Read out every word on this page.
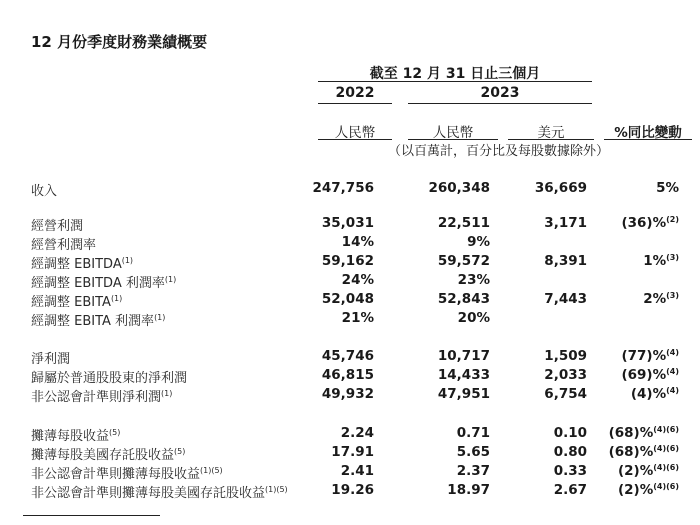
12 月份季度財務業績概要
截至 12 月 31 日止三個月
2022	2023
人民幣	人民幣	美元	%同比變動
（以百萬計，百分比及每股數據除外）
收入	247,756	260,348	36,669	5%
經營利潤	35,031	22,511	3,171	(36)%$^{(2)}$
經營利潤率	14%	9%
經調整 EBITDA$^{(1)}$	59,162	59,572	8,391	1%$^{(3)}$
經調整 EBITDA 利潤率$^{(1)}$	24%	23%
經調整 EBITA$^{(1)}$	52,048	52,843	7,443	2%$^{(3)}$
經調整 EBITA 利潤率$^{(1)}$	21%	20%
淨利潤	45,746	10,717	1,509	(77)%$^{(4)}$
歸屬於普通股股東的淨利潤	46,815	14,433	2,033	(69)%$^{(4)}$
非公認會計準則淨利潤$^{(1)}$	49,932	47,951	6,754	(4)%$^{(4)}$
攤薄每股收益$^{(5)}$	2.24	0.71	0.10 (68)%$^{(4)(6)}$
攤薄每股美國存託股收益$^{(5)}$	17.91	5.65	0.80 (68)%$^{(4)(6)}$
非公認會計準則攤薄每股收益$^{(1)(5)}$	2.41	2.37	0.33 (2)%$^{(4)(6)}$
非公認會計準則攤薄每股美國存託股收益$^{(1)(5)}$	19.26	18.97	2.67 (2)%$^{(4)(6)}$
